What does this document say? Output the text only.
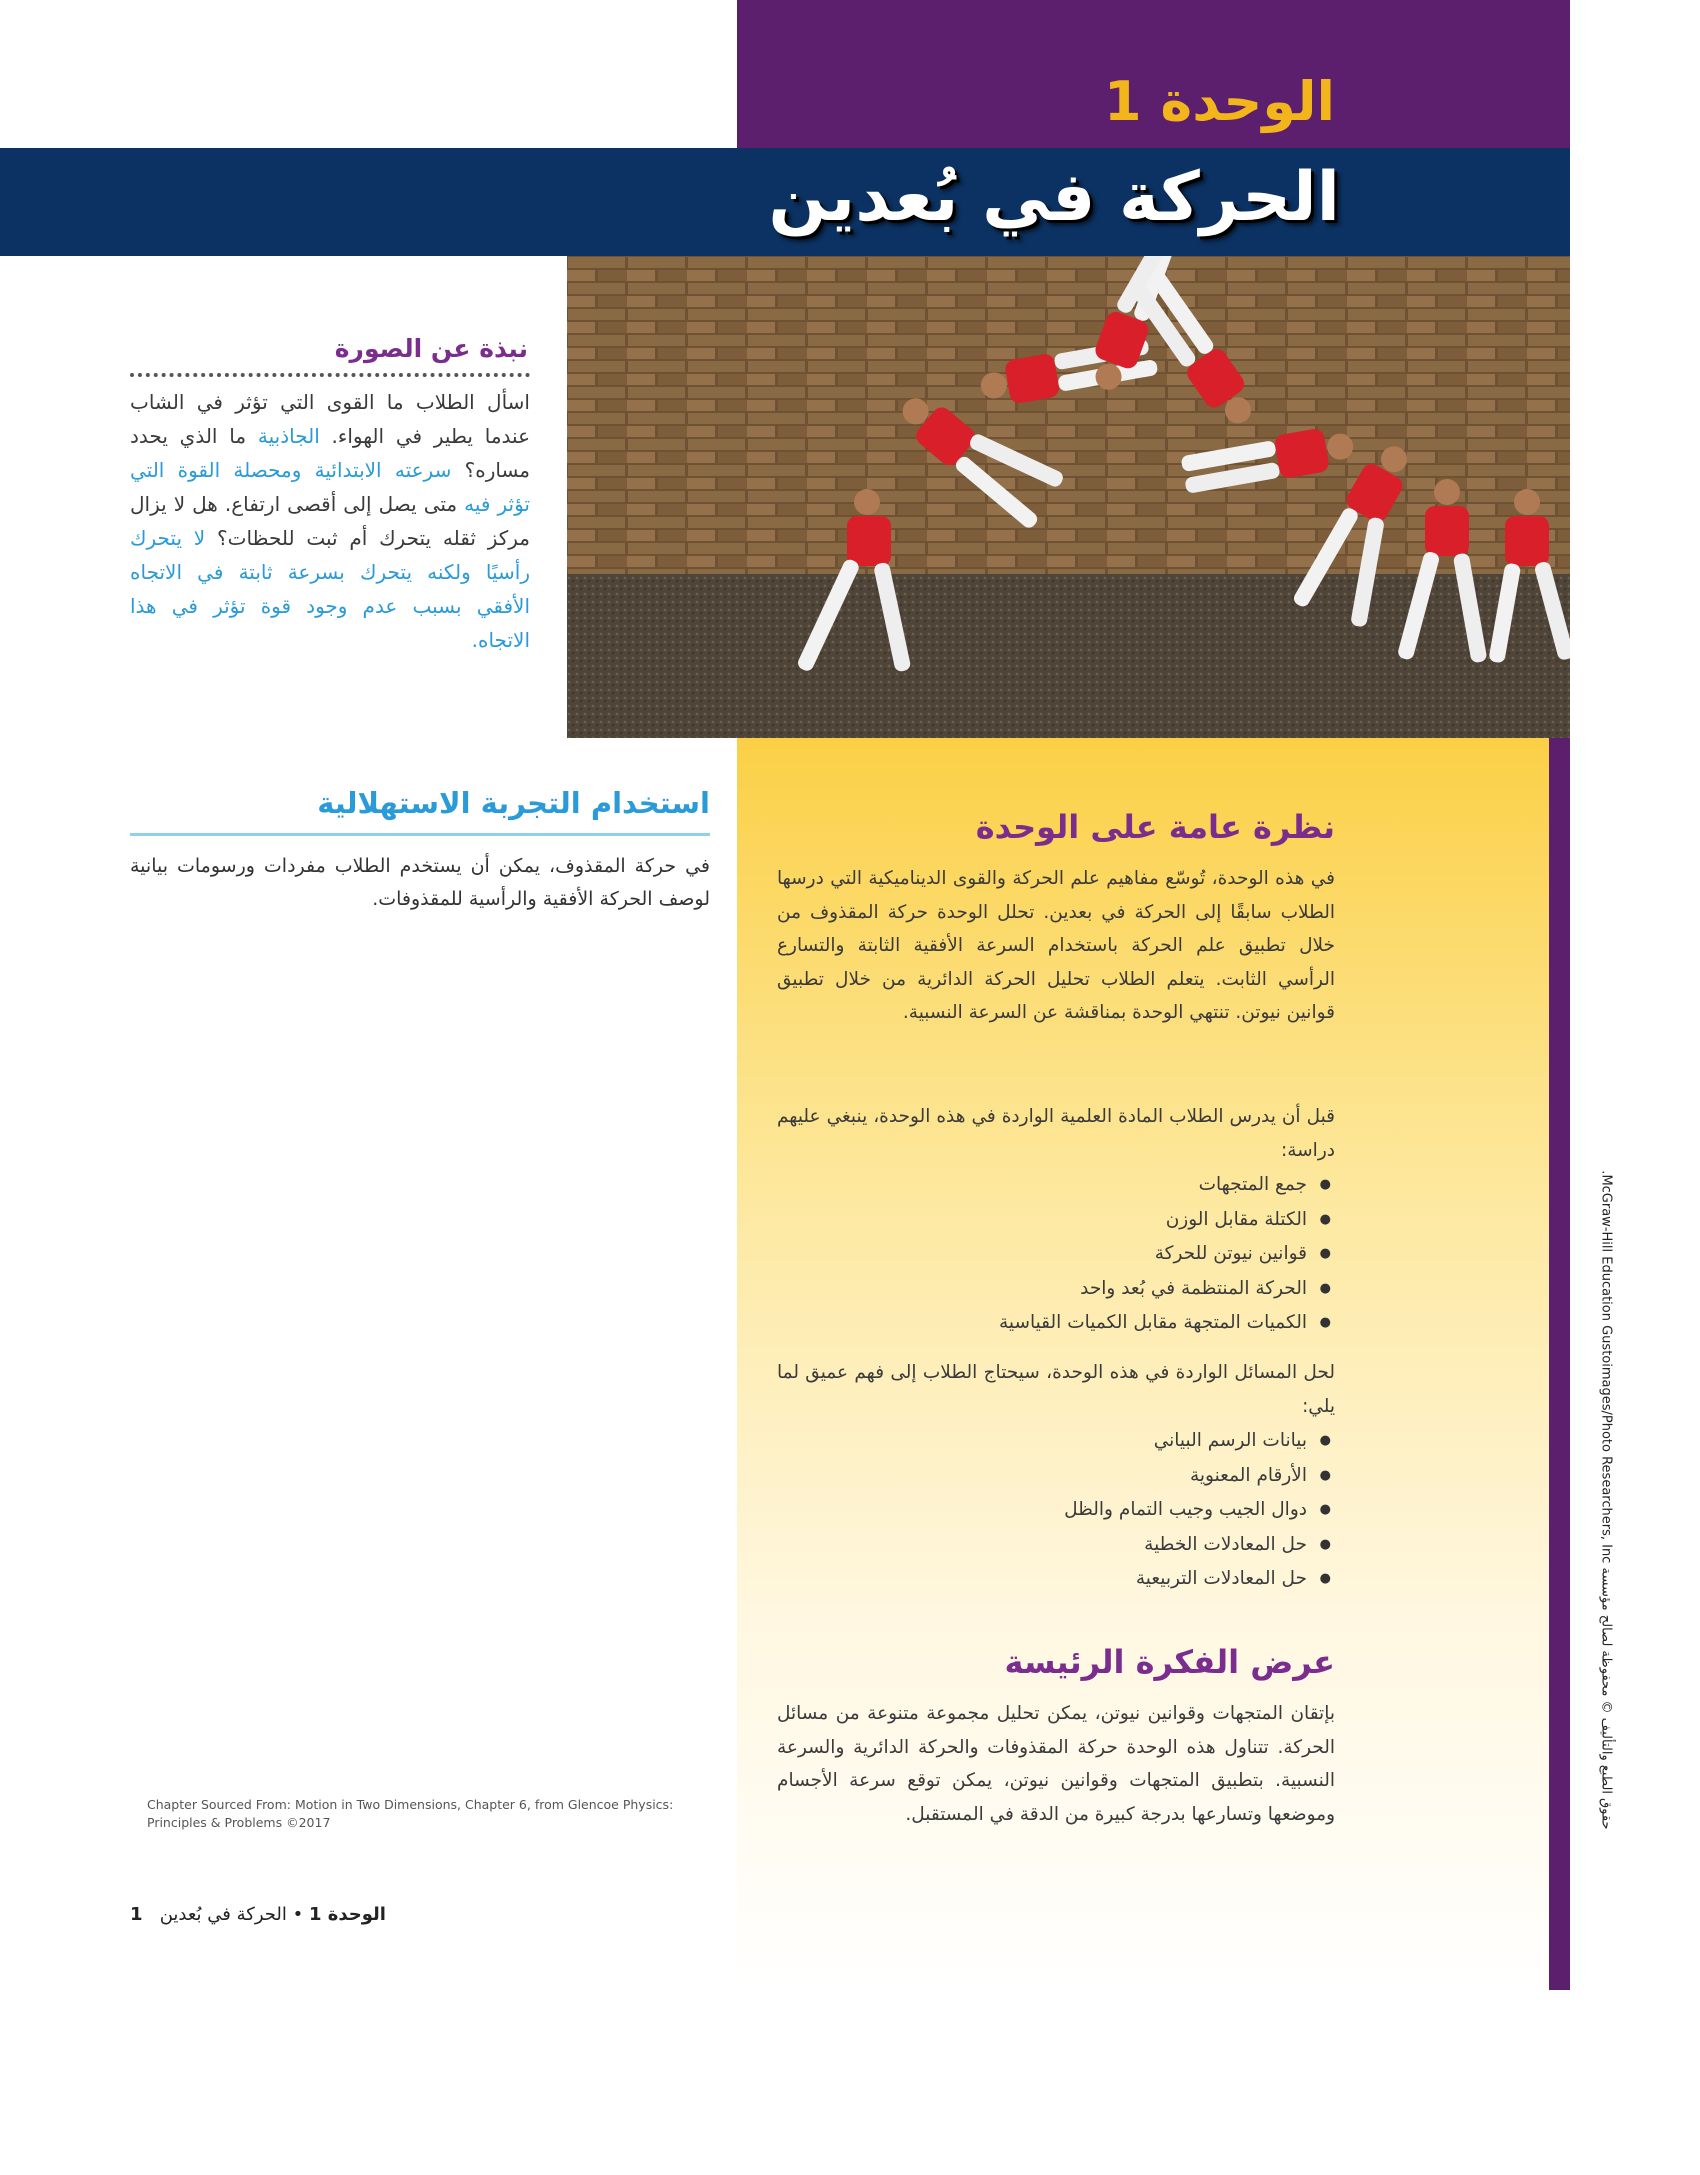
الوحدة 1
الحركة في بُعدين
نبذة عن الصورة
اسأل الطلاب ما القوى التي تؤثر في الشاب عندما يطير في الهواء. الجاذبية ما الذي يحدد مساره؟ سرعته الابتدائية ومحصلة القوة التي تؤثر فيه متى يصل إلى أقصى ارتفاع. هل لا يزال مركز ثقله يتحرك أم ثبت للحظات؟ لا يتحرك رأسيًا ولكنه يتحرك بسرعة ثابتة في الاتجاه الأفقي بسبب عدم وجود قوة تؤثر في هذا الاتجاه.
استخدام التجربة الاستهلالية
في حركة المقذوف، يمكن أن يستخدم الطلاب مفردات ورسومات بيانية لوصف الحركة الأفقية والرأسية للمقذوفات.
Chapter Sourced From: Motion in Two Dimensions, Chapter 6, from Glencoe Physics: Principles & Problems ©2017
الوحدة 1 • الحركة في بُعدين   1
حقوق الطبع والتأليف © محفوظة لصالح مؤسسة McGraw-Hill Education Gustoimages/Photo Researchers, Inc.
نظرة عامة على الوحدة
في هذه الوحدة، تُوسّع مفاهيم علم الحركة والقوى الديناميكية التي درسها الطلاب سابقًا إلى الحركة في بعدين. تحلل الوحدة حركة المقذوف من خلال تطبيق علم الحركة باستخدام السرعة الأفقية الثابتة والتسارع الرأسي الثابت. يتعلم الطلاب تحليل الحركة الدائرية من خلال تطبيق قوانين نيوتن. تنتهي الوحدة بمناقشة عن السرعة النسبية.
قبل أن يدرس الطلاب المادة العلمية الواردة في هذه الوحدة، ينبغي عليهم دراسة:
● جمع المتجهات
● الكتلة مقابل الوزن
● قوانين نيوتن للحركة
● الحركة المنتظمة في بُعد واحد
● الكميات المتجهة مقابل الكميات القياسية
لحل المسائل الواردة في هذه الوحدة، سيحتاج الطلاب إلى فهم عميق لما يلي:
● بيانات الرسم البياني
● الأرقام المعنوية
● دوال الجيب وجيب التمام والظل
● حل المعادلات الخطية
● حل المعادلات التربيعية
عرض الفكرة الرئيسة
بإتقان المتجهات وقوانين نيوتن، يمكن تحليل مجموعة متنوعة من مسائل الحركة. تتناول هذه الوحدة حركة المقذوفات والحركة الدائرية والسرعة النسبية. بتطبيق المتجهات وقوانين نيوتن، يمكن توقع سرعة الأجسام وموضعها وتسارعها بدرجة كبيرة من الدقة في المستقبل.
